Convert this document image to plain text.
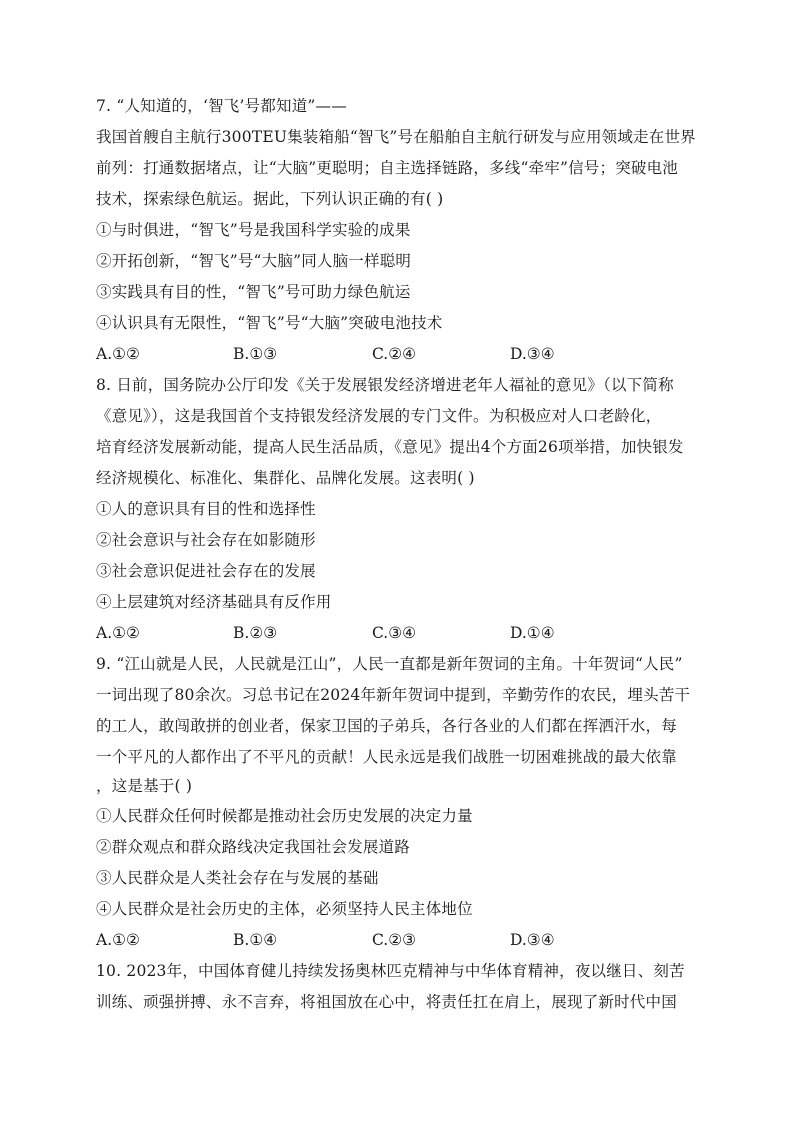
7. “人知道的，‘智飞’号都知道”——
我国首艘自主航行300TEU集装箱船“智飞”号在船舶自主航行研发与应用领域走在世界
前列：打通数据堵点，让“大脑”更聪明；自主选择链路，多线“牵牢”信号；突破电池
技术，探索绿色航运。据此，下列认识正确的有( )
①与时俱进，“智飞”号是我国科学实验的成果
②开拓创新，“智飞”号“大脑”同人脑一样聪明
③实践具有目的性，“智飞”号可助力绿色航运
④认识具有无限性，“智飞”号“大脑”突破电池技术
A.①②	B.①③	C.②④	D.③④
8. 日前，国务院办公厅印发《关于发展银发经济增进老年人福祉的意见》（以下简称
《意见》），这是我国首个支持银发经济发展的专门文件。为积极应对人口老龄化，
培育经济发展新动能，提高人民生活品质，《意见》提出4个方面26项举措，加快银发
经济规模化、标准化、集群化、品牌化发展。这表明( )
①人的意识具有目的性和选择性
②社会意识与社会存在如影随形
③社会意识促进社会存在的发展
④上层建筑对经济基础具有反作用
A.①②	B.②③	C.③④	D.①④
9. “江山就是人民，人民就是江山”，人民一直都是新年贺词的主角。十年贺词“人民”
一词出现了80余次。习总书记在2024年新年贺词中提到，辛勤劳作的农民，埋头苦干
的工人，敢闯敢拼的创业者，保家卫国的子弟兵，各行各业的人们都在挥洒汗水，每
一个平凡的人都作出了不平凡的贡献！人民永远是我们战胜一切困难挑战的最大依靠
，这是基于( )
①人民群众任何时候都是推动社会历史发展的决定力量
②群众观点和群众路线决定我国社会发展道路
③人民群众是人类社会存在与发展的基础
④人民群众是社会历史的主体，必须坚持人民主体地位
A.①②	B.①④	C.②③	D.③④
10. 2023年，中国体育健儿持续发扬奥林匹克精神与中华体育精神，夜以继日、刻苦
训练、顽强拼搏、永不言弃，将祖国放在心中，将责任扛在肩上，展现了新时代中国
